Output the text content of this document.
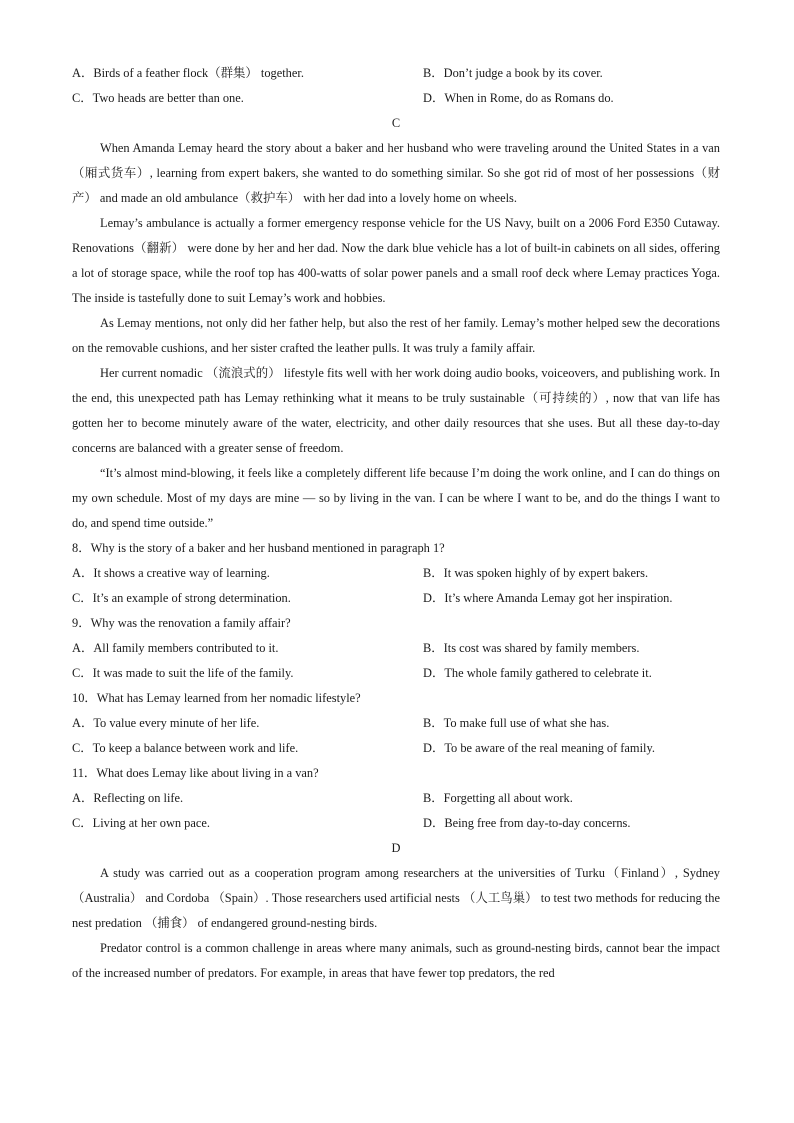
A．Birds of a feather flock（群集） together.	B．Don’t judge a book by its cover.
C．Two heads are better than one.	D．When in Rome, do as Romans do.
C

When Amanda Lemay heard the story about a baker and her husband who were traveling around the United States in a van（厢式货车）, learning from expert bakers, she wanted to do something similar. So she got rid of most of her possessions（财产） and made an old ambulance（救护车） with her dad into a lovely home on wheels.

Lemay’s ambulance is actually a former emergency response vehicle for the US Navy, built on a 2006 Ford E350 Cutaway. Renovations（翻新） were done by her and her dad. Now the dark blue vehicle has a lot of built-in cabinets on all sides, offering a lot of storage space, while the roof top has 400-watts of solar power panels and a small roof deck where Lemay practices Yoga. The inside is tastefully done to suit Lemay’s work and hobbies.

As Lemay mentions, not only did her father help, but also the rest of her family. Lemay’s mother helped sew the decorations on the removable cushions, and her sister crafted the leather pulls. It was truly a family affair.

Her current nomadic （流浪式的） lifestyle fits well with her work doing audio books, voiceovers, and publishing work. In the end, this unexpected path has Lemay rethinking what it means to be truly sustainable（可持续的）, now that van life has gotten her to become minutely aware of the water, electricity, and other daily resources that she uses. But all these day-to-day concerns are balanced with a greater sense of freedom.

“It’s almost mind-blowing, it feels like a completely different life because I’m doing the work online, and I can do things on my own schedule. Most of my days are mine — so by living in the van. I can be where I want to be, and do the things I want to do, and spend time outside.”

8．Why is the story of a baker and her husband mentioned in paragraph 1?
A．It shows a creative way of learning.	B．It was spoken highly of by expert bakers.
C．It’s an example of strong determination.	D．It’s where Amanda Lemay got her inspiration.
9．Why was the renovation a family affair?
A．All family members contributed to it.	B．Its cost was shared by family members.
C．It was made to suit the life of the family.	D．The whole family gathered to celebrate it.
10．What has Lemay learned from her nomadic lifestyle?
A．To value every minute of her life.	B．To make full use of what she has.
C．To keep a balance between work and life.	D．To be aware of the real meaning of family.
11．What does Lemay like about living in a van?
A．Reflecting on life.	B．Forgetting all about work.
C．Living at her own pace.	D．Being free from day-to-day concerns.
D

A study was carried out as a cooperation program among researchers at the universities of Turku（Finland）, Sydney（Australia） and Cordoba （Spain）. Those researchers used artificial nests （人工鸟巢） to test two methods for reducing the nest predation （捕食） of endangered ground-nesting birds.

Predator control is a common challenge in areas where many animals, such as ground-nesting birds, cannot bear the impact of the increased number of predators. For example, in areas that have fewer top predators, the red
